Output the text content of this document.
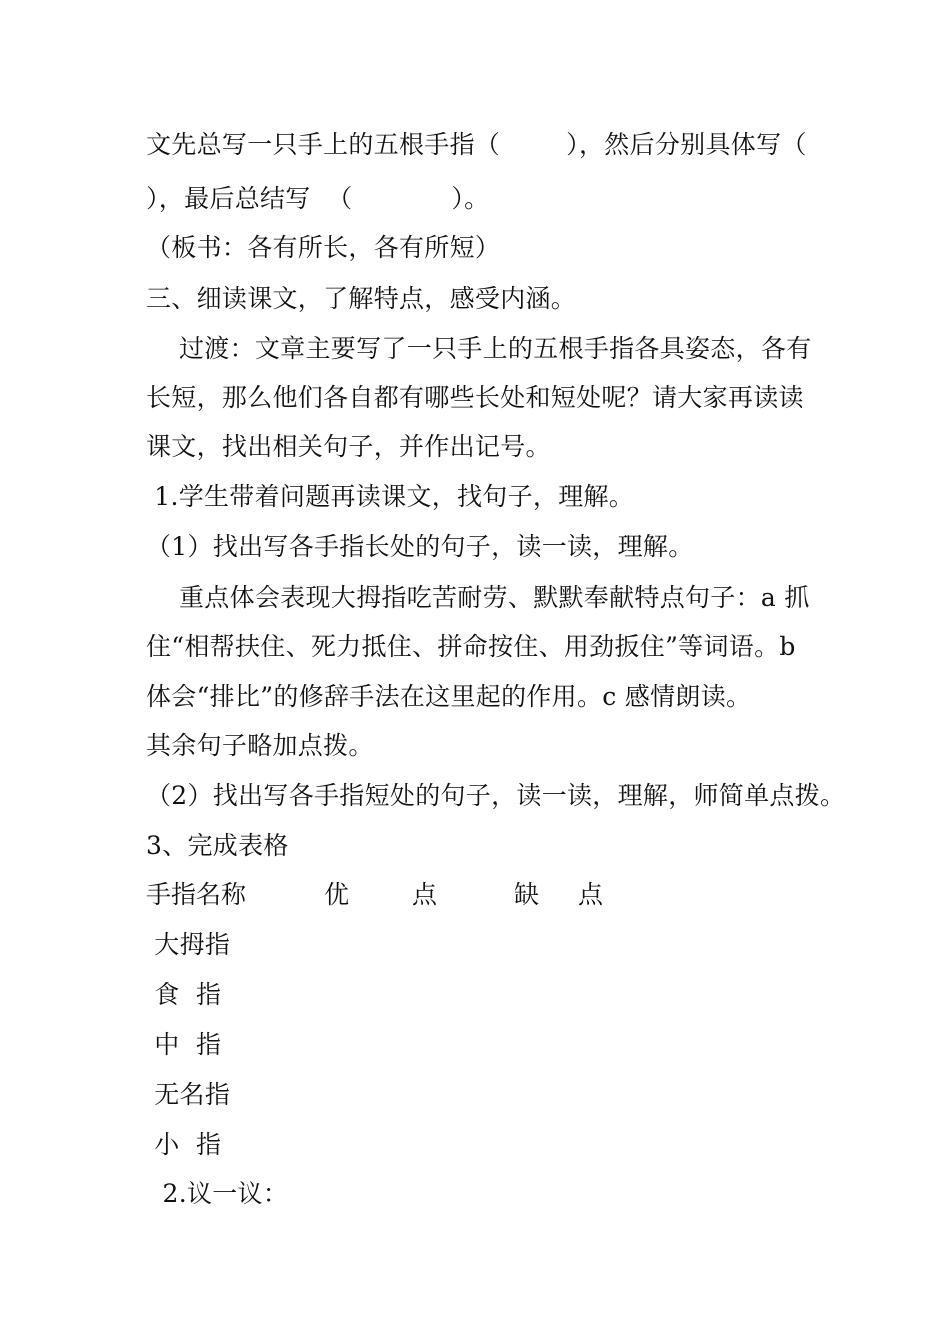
文先总写一只手上的五根手指（        ），然后分别具体写（
），最后总结写  （            ）。
（板书：各有所长，各有所短）
三、细读课文，了解特点，感受内涵。
过渡：文章主要写了一只手上的五根手指各具姿态，各有
长短，那么他们各自都有哪些长处和短处呢？请大家再读读
课文，找出相关句子，并作出记号。
1.学生带着问题再读课文，找句子，理解。
（1）找出写各手指长处的句子，读一读，理解。
重点体会表现大拇指吃苦耐劳、默默奉献特点句子：a 抓
住“相帮扶住、死力抵住、拼命按住、用劲扳住”等词语。b
体会“排比”的修辞手法在这里起的作用。c 感情朗读。
其余句子略加点拨。
（2）找出写各手指短处的句子，读一读，理解，师简单点拨。
3、完成表格
手指名称	优	点	缺 点
大拇指
食  指
中  指
无名指
小  指
2.议一议：
